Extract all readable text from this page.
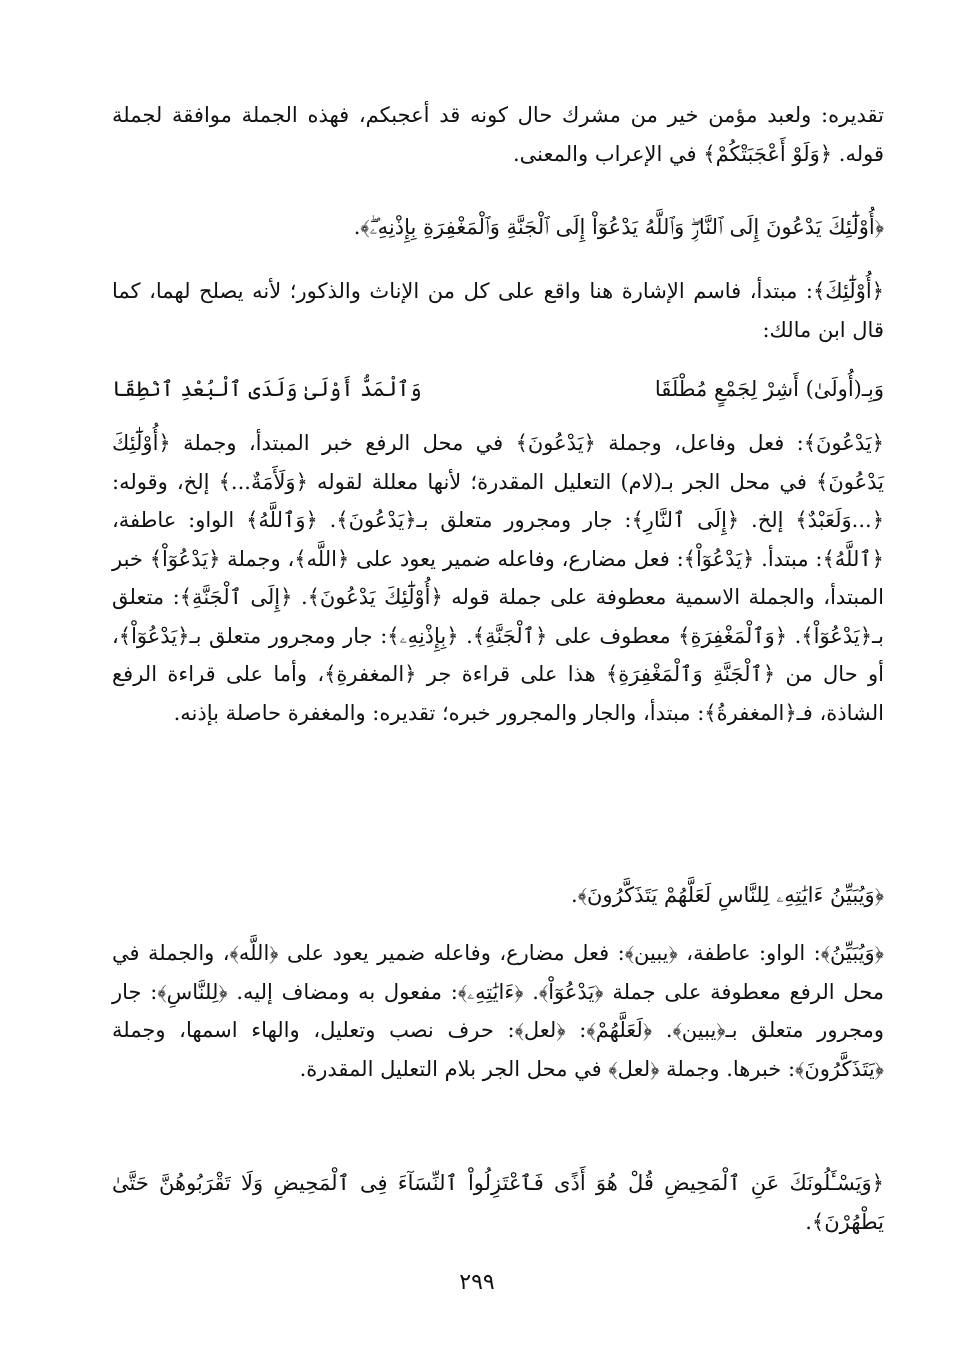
تقديره: ولعبد مؤمن خير من مشرك حال كونه قد أعجبكم، فهذه الجملة موافقة لجملة قوله. ﴿وَلَوْ أَعْجَبَتْكُمْ﴾ في الإعراب والمعنى.
﴿أُوْلَٰٓئِكَ يَدْعُونَ إِلَى ٱلنَّارِۖ وَٱللَّهُ يَدْعُوٓاْ إِلَى ٱلْجَنَّةِ وَٱلْمَغْفِرَةِ بِإِذْنِهِۦۖ﴾.
﴿أُوْلَٰٓئِكَ﴾: مبتدأ، فاسم الإشارة هنا واقع على كل من الإناث والذكور؛ لأنه يصلح لهما، كما قال ابن مالك:
وَبِـ(أُولَىٰ) أَشِرْ لِجَمْعٍ مُطْلَقَا
وَٱلْمَدُّ أَوْلَىٰ وَلَدَى ٱلْبُعْدِ ٱنْطِقَا
﴿يَدْعُونَ﴾: فعل وفاعل، وجملة ﴿يَدْعُونَ﴾ في محل الرفع خبر المبتدأ، وجملة ﴿أُوْلَٰٓئِكَ يَدْعُونَ﴾ في محل الجر بـ(لام) التعليل المقدرة؛ لأنها معللة لقوله ﴿وَلَأَمَةٌ...﴾ إلخ، وقوله: ﴿...وَلَعَبْدٌ﴾ إلخ. ﴿إِلَى ٱلنَّارِ﴾: جار ومجرور متعلق بـ﴿يَدْعُونَ﴾. ﴿وَٱللَّهُ﴾ الواو: عاطفة، ﴿ٱللَّهُ﴾: مبتدأ. ﴿يَدْعُوٓاْ﴾: فعل مضارع، وفاعله ضمير يعود على ﴿اللَّه﴾، وجملة ﴿يَدْعُوٓاْ﴾ خبر المبتدأ، والجملة الاسمية معطوفة على جملة قوله ﴿أُوْلَٰٓئِكَ يَدْعُونَ﴾. ﴿إِلَى ٱلْجَنَّةِ﴾: متعلق بـ﴿يَدْعُوٓاْ﴾. ﴿وَٱلْمَغْفِرَةِ﴾ معطوف على ﴿ٱلْجَنَّةِ﴾. ﴿بِإِذْنِهِۦ﴾: جار ومجرور متعلق بـ﴿يَدْعُوٓاْ﴾، أو حال من ﴿ٱلْجَنَّةِ وَٱلْمَغْفِرَةِ﴾ هذا على قراءة جر ﴿المغفرةِ﴾، وأما على قراءة الرفع الشاذة، فـ﴿المغفرةُ﴾: مبتدأ، والجار والمجرور خبره؛ تقديره: والمغفرة حاصلة بإذنه.
﴿وَيُبَيِّنُ ءَايَٰتِهِۦ لِلنَّاسِ لَعَلَّهُمْ يَتَذَكَّرُونَ﴾.
﴿وَيُبَيِّنُ﴾: الواو: عاطفة، ﴿يبين﴾: فعل مضارع، وفاعله ضمير يعود على ﴿اللَّه﴾، والجملة في محل الرفع معطوفة على جملة ﴿يَدْعُوٓاْ﴾. ﴿ءَايَٰتِهِۦ﴾: مفعول به ومضاف إليه. ﴿لِلنَّاسِ﴾: جار ومجرور متعلق بـ﴿يبين﴾. ﴿لَعَلَّهُمْ﴾: ﴿لعل﴾: حرف نصب وتعليل، والهاء اسمها، وجملة ﴿يَتَذَكَّرُونَ﴾: خبرها. وجملة ﴿لعل﴾ في محل الجر بلام التعليل المقدرة.
﴿وَيَسْـَٔلُونَكَ عَنِ ٱلْمَحِيضِ قُلْ هُوَ أَذًى فَٱعْتَزِلُواْ ٱلنِّسَآءَ فِى ٱلْمَحِيضِ وَلَا تَقْرَبُوهُنَّ حَتَّىٰ يَطْهُرْنَ﴾.
٢٩٩
